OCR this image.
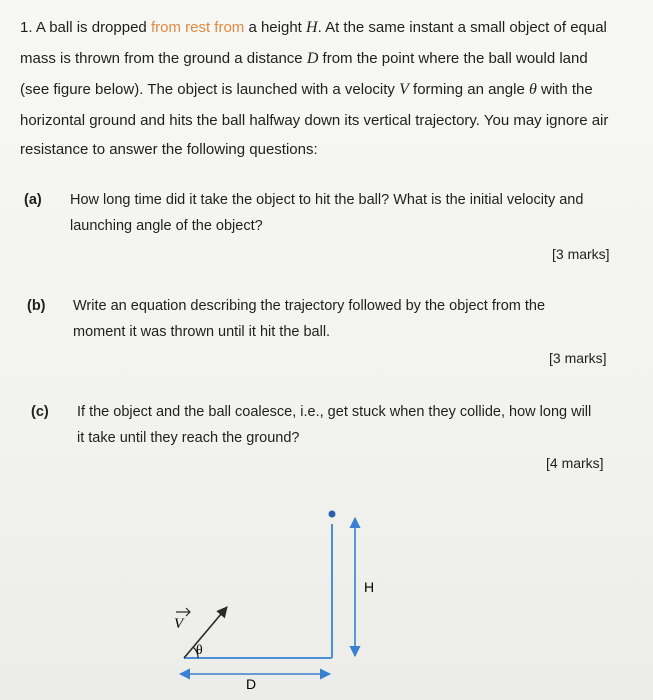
1. A ball is dropped from rest from a height H. At the same instant a small object of equal mass is thrown from the ground a distance D from the point where the ball would land (see figure below). The object is launched with a velocity V forming an angle θ with the horizontal ground and hits the ball halfway down its vertical trajectory. You may ignore air resistance to answer the following questions:
(a) How long time did it take the object to hit the ball? What is the initial velocity and launching angle of the object?
[3 marks]
(b) Write an equation describing the trajectory followed by the object from the moment it was thrown until it hit the ball.
[3 marks]
(c) If the object and the ball coalesce, i.e., get stuck when they collide, how long will it take until they reach the ground?
[4 marks]
H
D
V
θ
